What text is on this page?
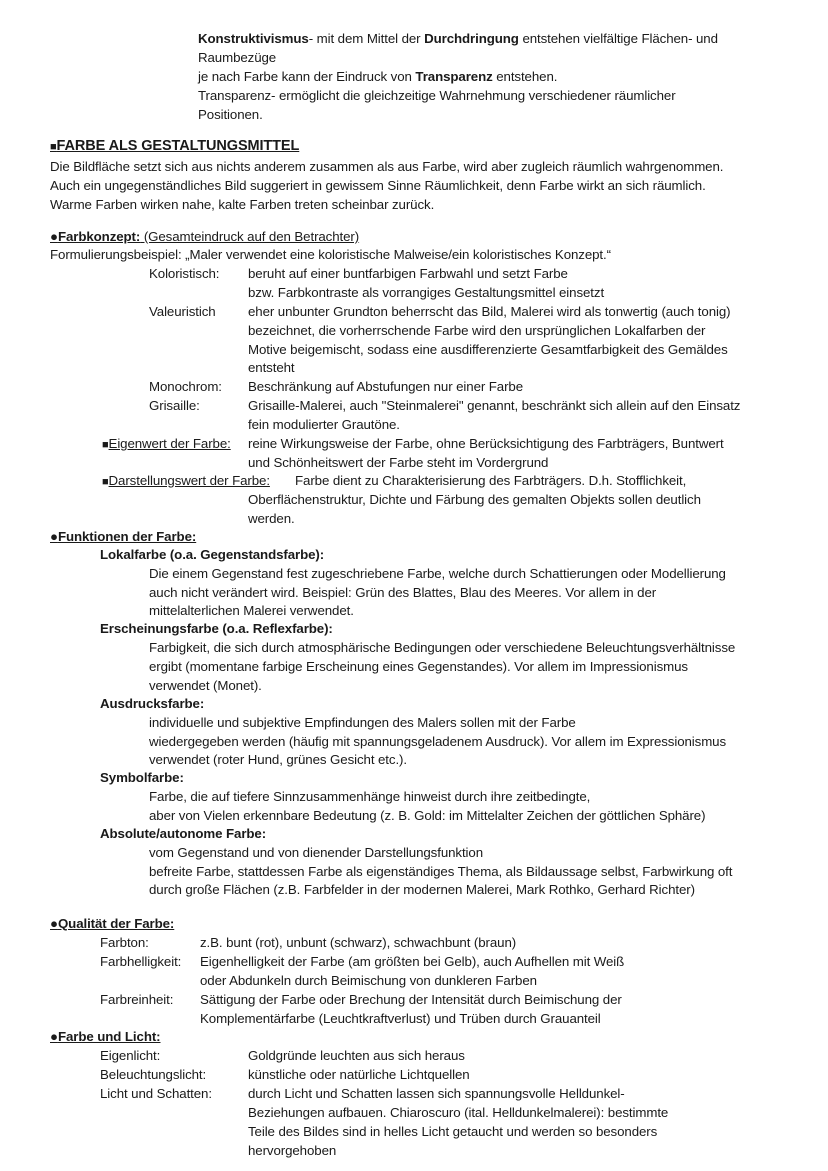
Konstruktivismus- mit dem Mittel der Durchdringung entstehen vielfältige Flächen- und
Raumbezüge
je nach Farbe kann der Eindruck von Transparenz entstehen.
Transparenz- ermöglicht die gleichzeitige Wahrnehmung verschiedener räumlicher
Positionen.
■FARBE ALS GESTALTUNGSMITTEL
Die Bildfläche setzt sich aus nichts anderem zusammen als aus Farbe, wird aber zugleich räumlich wahrgenommen.
Auch ein ungegenständliches Bild suggeriert in gewissem Sinne Räumlichkeit, denn Farbe wirkt an sich räumlich.
Warme Farben wirken nahe, kalte Farben treten scheinbar zurück.
●Farbkonzept: (Gesamteindruck auf den Betrachter)
Formulierungsbeispiel: „Maler verwendet eine koloristische Malweise/ein koloristisches Konzept.“
Koloristisch: beruht auf einer buntfarbigen Farbwahl und setzt Farbe
bzw. Farbkontraste als vorrangiges Gestaltungsmittel einsetzt
Valeuristich eher unbunter Grundton beherrscht das Bild, Malerei wird als tonwertig (auch tonig)
bezeichnet, die vorherrschende Farbe wird den ursprünglichen Lokalfarben der
Motive beigemischt, sodass eine ausdifferenzierte Gesamtfarbigkeit des Gemäldes
entsteht
Monochrom: Beschränkung auf Abstufungen nur einer Farbe
Grisaille:	Grisaille-Malerei, auch "Steinmalerei" genannt, beschränkt sich allein auf den Einsatz
fein modulierter Grautöne.
■Eigenwert der Farbe: reine Wirkungsweise der Farbe, ohne Berücksichtigung des Farbträgers, Buntwert
und Schönheitswert der Farbe steht im Vordergrund
■Darstellungswert der Farbe: Farbe dient zu Charakterisierung des Farbträgers. D.h. Stofflichkeit,
Oberflächenstruktur, Dichte und Färbung des gemalten Objekts sollen deutlich
werden.
●Funktionen der Farbe:
Lokalfarbe (o.a. Gegenstandsfarbe):
Die einem Gegenstand fest zugeschriebene Farbe, welche durch Schattierungen oder Modellierung
auch nicht verändert wird. Beispiel: Grün des Blattes, Blau des Meeres. Vor allem in der
mittelalterlichen Malerei verwendet.
Erscheinungsfarbe (o.a. Reflexfarbe):
Farbigkeit, die sich durch atmosphärische Bedingungen oder verschiedene Beleuchtungsverhältnisse
ergibt (momentane farbige Erscheinung eines Gegenstandes). Vor allem im Impressionismus
verwendet (Monet).
Ausdrucksfarbe:
individuelle und subjektive Empfindungen des Malers sollen mit der Farbe
wiedergegeben werden (häufig mit spannungsgeladenem Ausdruck). Vor allem im Expressionismus
verwendet (roter Hund, grünes Gesicht etc.).
Symbolfarbe:
Farbe, die auf tiefere Sinnzusammenhänge hinweist durch ihre zeitbedingte,
aber von Vielen erkennbare Bedeutung (z. B. Gold: im Mittelalter Zeichen der göttlichen Sphäre)
Absolute/autonome Farbe:
vom Gegenstand und von dienender Darstellungsfunktion
befreite Farbe, stattdessen Farbe als eigenständiges Thema, als Bildaussage selbst, Farbwirkung oft
durch große Flächen (z.B. Farbfelder in der modernen Malerei, Mark Rothko, Gerhard Richter)
●Qualität der Farbe:
Farbton:	z.B. bunt (rot), unbunt (schwarz), schwachbunt (braun)
Farbhelligkeit: Eigenhelligkeit der Farbe (am größten bei Gelb), auch Aufhellen mit Weiß
oder Abdunkeln durch Beimischung von dunkleren Farben
Farbreinheit: Sättigung der Farbe oder Brechung der Intensität durch Beimischung der
Komplementärfarbe (Leuchtkraftverlust) und Trüben durch Grauanteil
●Farbe und Licht:
Eigenlicht:	Goldgründe leuchten aus sich heraus
Beleuchtungslicht:	künstliche oder natürliche Lichtquellen
Licht und Schatten:	durch Licht und Schatten lassen sich spannungsvolle Helldunkel-
Beziehungen aufbauen. Chiaroscuro (ital. Helldunkelmalerei): bestimmte
Teile des Bildes sind in helles Licht getaucht und werden so besonders
hervorgehoben
